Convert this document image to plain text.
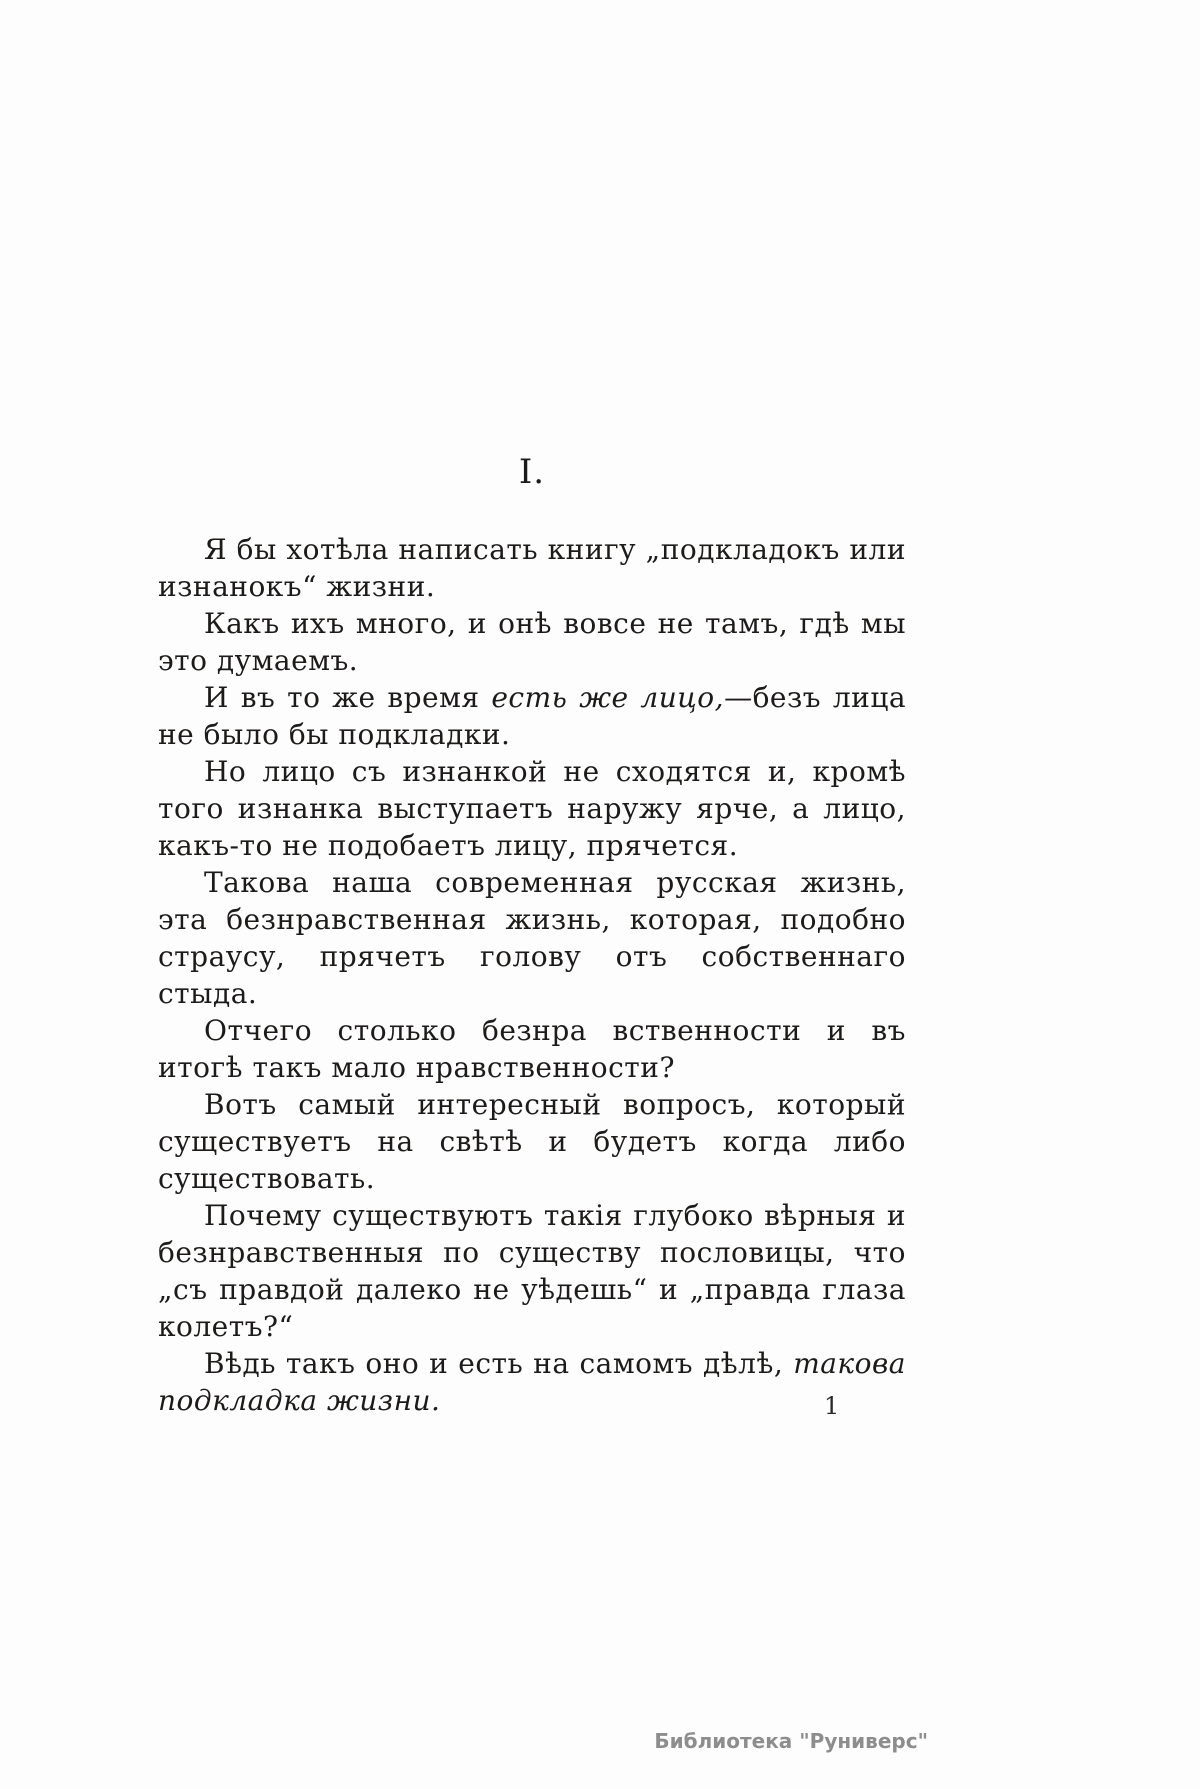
I.

Я бы хотѣла написать книгу „подкладокъ или изнанокъ“ жизни.

Какъ ихъ много, и онѣ вовсе не тамъ, гдѣ мы это думаемъ.

И въ то же время есть же лицо,—безъ лица не было бы подкладки.

Но лицо съ изнанкой не сходятся и, кромѣ того изнанка выступаетъ наружу ярче, а лицо, какъ-то не подобаетъ лицу, прячется.

Такова наша современная русская жизнь, эта безнравственная жизнь, которая, подобно страусу, прячетъ голову отъ собственнаго стыда.

Отчего столько безнра вственности и въ итогѣ такъ мало нравственности?

Вотъ самый интересный вопросъ, который существуетъ на свѣтѣ и будетъ когда либо существовать.

Почему существуютъ такія глубоко вѣрныя и безнравственныя по существу пословицы, что „съ правдой далеко не уѣдешь“ и „правда глаза колетъ?“

Вѣдь такъ оно и есть на самомъ дѣлѣ, такова подкладка жизни.	1
Библиотека "Руниверс"
